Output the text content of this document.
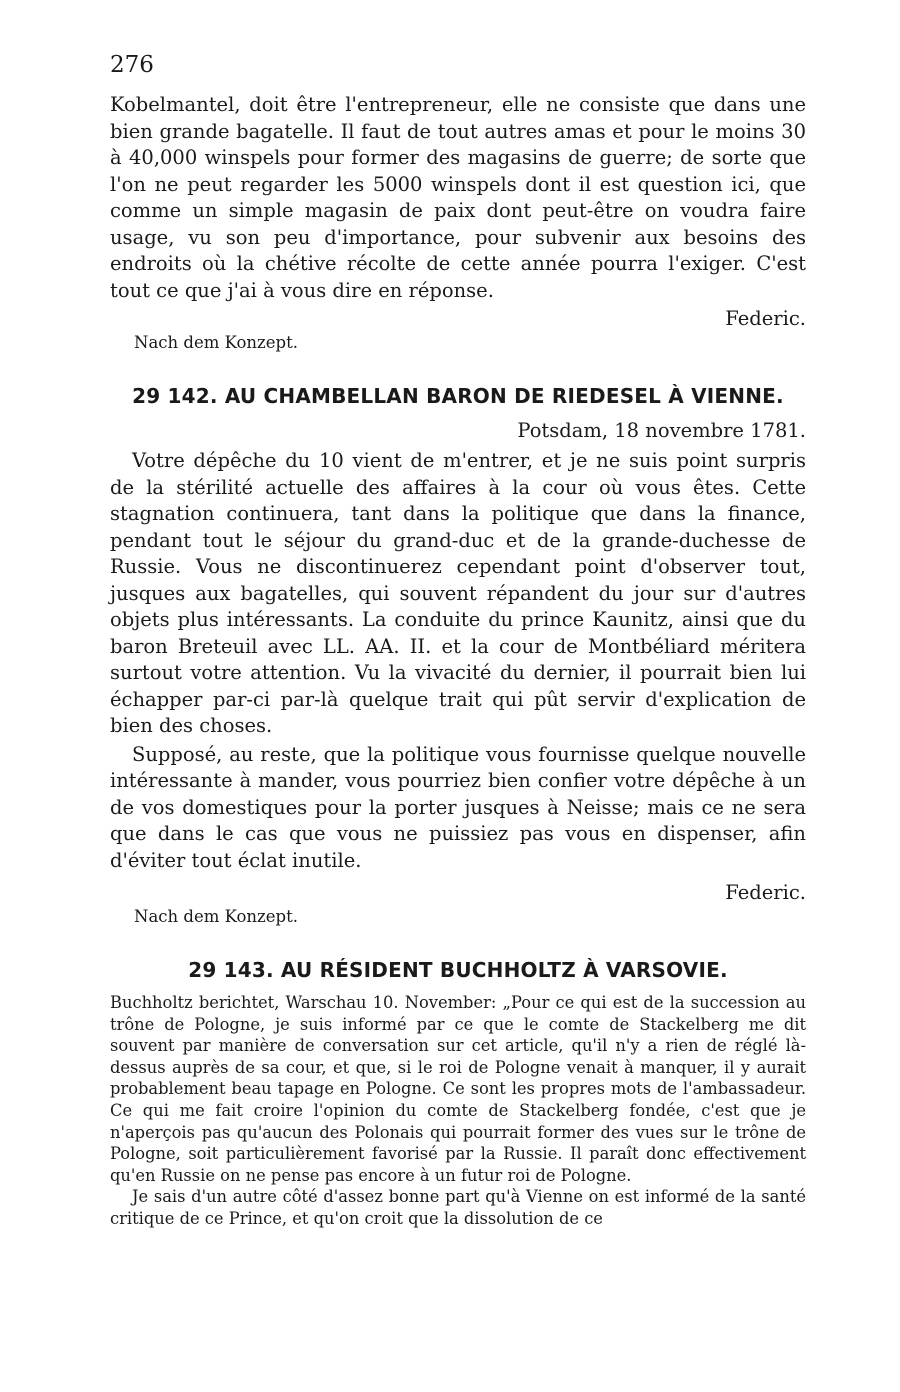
276

Kobelmantel, doit être l'entrepreneur, elle ne consiste que dans une bien grande bagatelle. Il faut de tout autres amas et pour le moins 30 à 40,000 winspels pour former des magasins de guerre; de sorte que l'on ne peut regarder les 5000 winspels dont il est question ici, que comme un simple magasin de paix dont peut-être on voudra faire usage, vu son peu d'importance, pour subvenir aux besoins des endroits où la chétive récolte de cette année pourra l'exiger. C'est tout ce que j'ai à vous dire en réponse.

Federic.

Nach dem Konzept.

29 142. AU CHAMBELLAN BARON DE RIEDESEL À VIENNE.

Potsdam, 18 novembre 1781.

Votre dépêche du 10 vient de m'entrer, et je ne suis point surpris de la stérilité actuelle des affaires à la cour où vous êtes. Cette stagnation continuera, tant dans la politique que dans la finance, pendant tout le séjour du grand-duc et de la grande-duchesse de Russie. Vous ne discontinuerez cependant point d'observer tout, jusques aux bagatelles, qui souvent répandent du jour sur d'autres objets plus intéressants. La conduite du prince Kaunitz, ainsi que du baron Breteuil avec LL. AA. II. et la cour de Montbéliard méritera surtout votre attention. Vu la vivacité du dernier, il pourrait bien lui échapper par-ci par-là quelque trait qui pût servir d'explication de bien des choses.

Supposé, au reste, que la politique vous fournisse quelque nouvelle intéressante à mander, vous pourriez bien confier votre dépêche à un de vos domestiques pour la porter jusques à Neisse; mais ce ne sera que dans le cas que vous ne puissiez pas vous en dispenser, afin d'éviter tout éclat inutile.

Federic.

Nach dem Konzept.

29 143. AU RÉSIDENT BUCHHOLTZ À VARSOVIE.

Buchholtz berichtet, Warschau 10. November: „Pour ce qui est de la succession au trône de Pologne, je suis informé par ce que le comte de Stackelberg me dit souvent par manière de conversation sur cet article, qu'il n'y a rien de réglé là-dessus auprès de sa cour, et que, si le roi de Pologne venait à manquer, il y aurait probablement beau tapage en Pologne. Ce sont les propres mots de l'ambassadeur. Ce qui me fait croire l'opinion du comte de Stackelberg fondée, c'est que je n'aperçois pas qu'aucun des Polonais qui pourrait former des vues sur le trône de Pologne, soit particulièrement favorisé par la Russie. Il paraît donc effectivement qu'en Russie on ne pense pas encore à un futur roi de Pologne.

Je sais d'un autre côté d'assez bonne part qu'à Vienne on est informé de la santé critique de ce Prince, et qu'on croit que la dissolution de ce
